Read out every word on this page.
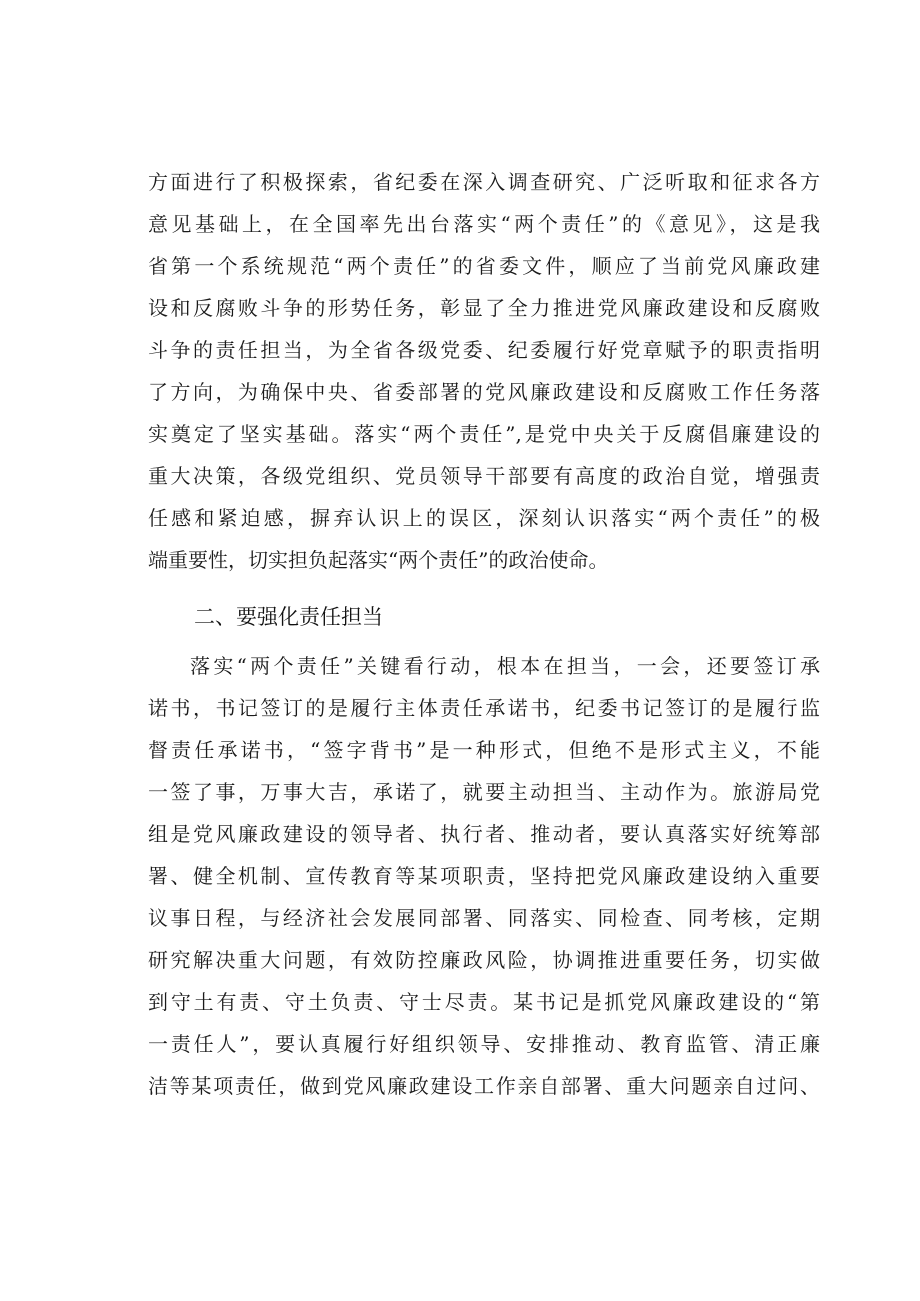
方面进行了积极探索，省纪委在深入调查研究、广泛听取和征求各方
意见基础上，在全国率先出台落实“两个责任”的《意见》，这是我
省第一个系统规范“两个责任”的省委文件，顺应了当前党风廉政建
设和反腐败斗争的形势任务，彰显了全力推进党风廉政建设和反腐败
斗争的责任担当，为全省各级党委、纪委履行好党章赋予的职责指明
了方向，为确保中央、省委部署的党风廉政建设和反腐败工作任务落
实奠定了坚实基础。落实“两个责任”,是党中央关于反腐倡廉建设的
重大决策，各级党组织、党员领导干部要有高度的政治自觉，增强责
任感和紧迫感，摒弃认识上的误区，深刻认识落实“两个责任”的极
端重要性，切实担负起落实“两个责任”的政治使命。
二、要强化责任担当
落实“两个责任”关键看行动，根本在担当，一会，还要签订承
诺书，书记签订的是履行主体责任承诺书，纪委书记签订的是履行监
督责任承诺书，“签字背书”是一种形式，但绝不是形式主义，不能
一签了事，万事大吉，承诺了，就要主动担当、主动作为。旅游局党
组是党风廉政建设的领导者、执行者、推动者，要认真落实好统筹部
署、健全机制、宣传教育等某项职责，坚持把党风廉政建设纳入重要
议事日程，与经济社会发展同部署、同落实、同检查、同考核，定期
研究解决重大问题，有效防控廉政风险，协调推进重要任务，切实做
到守土有责、守土负责、守士尽责。某书记是抓党风廉政建设的“第
一责任人”，要认真履行好组织领导、安排推动、教育监管、清正廉
洁等某项责任，做到党风廉政建设工作亲自部署、重大问题亲自过问、
